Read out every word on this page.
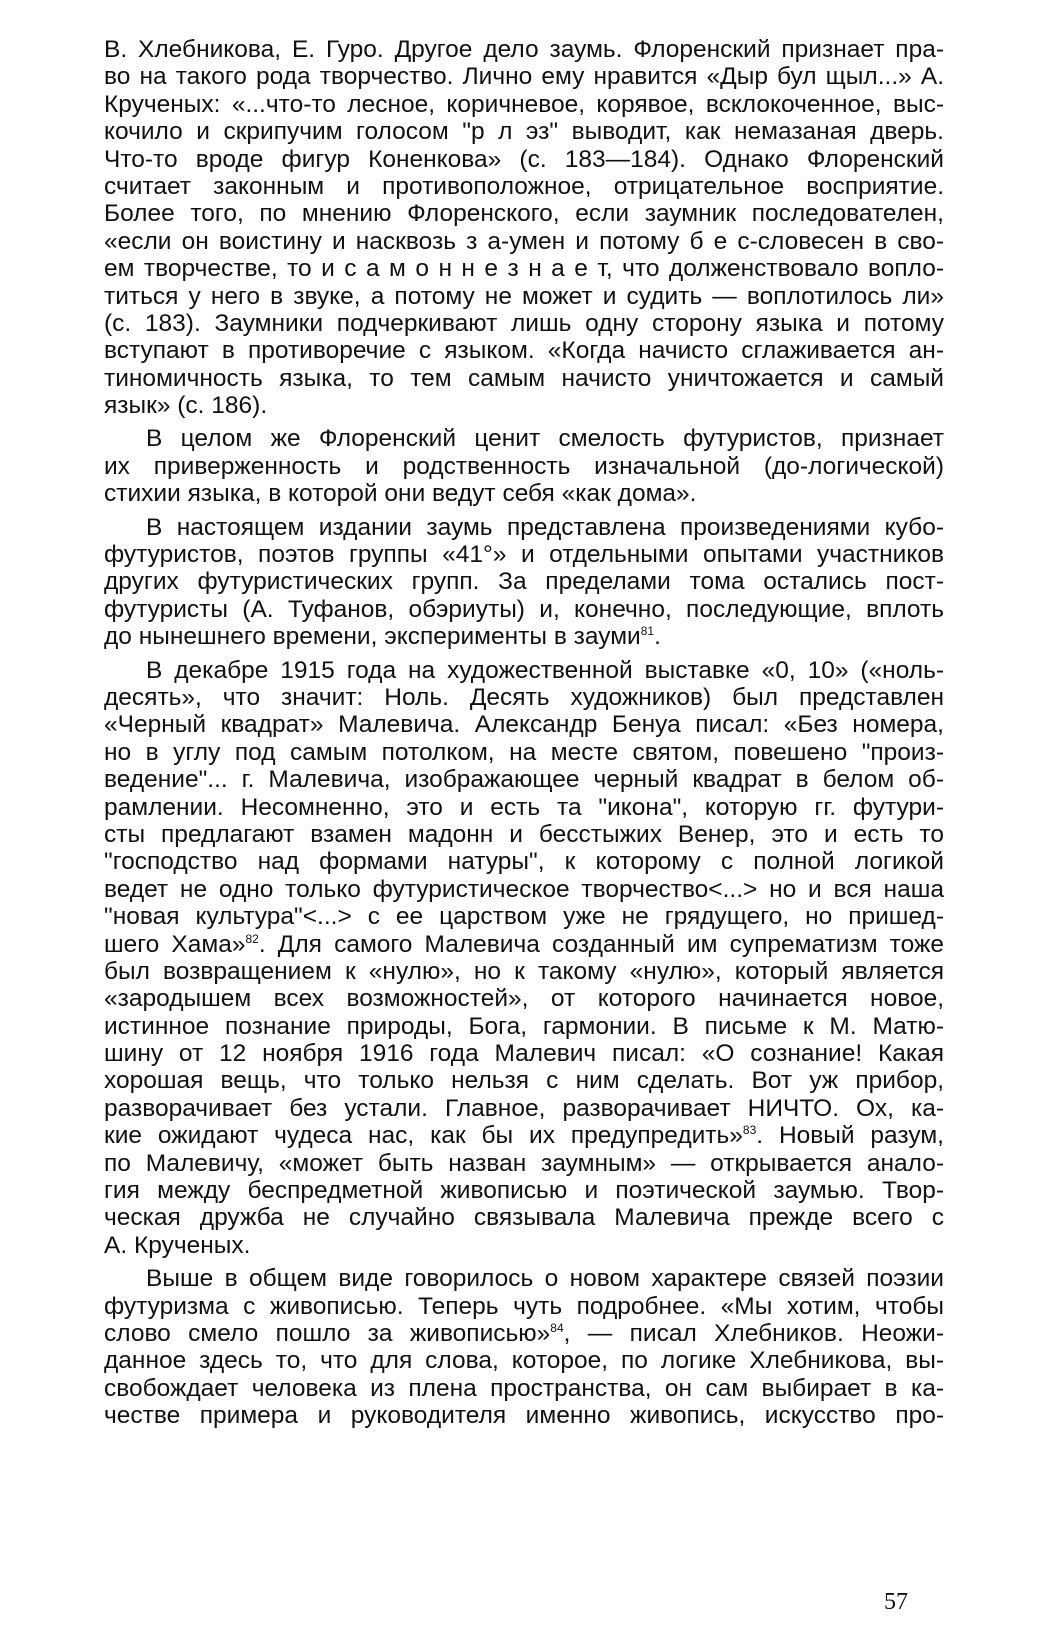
В. Хлебникова, Е. Гуро. Другое дело заумь. Флоренский признает пра-
во на такого рода творчество. Лично ему нравится «Дыр бул щыл...» А.
Крученых: «...что-то лесное, коричневое, корявое, всклокоченное, выс-
кочило и скрипучим голосом "р л эз" выводит, как немазаная дверь.
Что-то вроде фигур Коненкова» (с. 183—184). Однако Флоренский
считает законным и противоположное, отрицательное восприятие.
Более того, по мнению Флоренского, если заумник последователен,
«если он воистину и насквозь з а-умен и потому б е с-словесен в сво-
ем творчестве, то и с а м о н н е з н а е т, что долженствовало вопло-
титься у него в звуке, а потому не может и судить — воплотилось ли»
(с. 183). Заумники подчеркивают лишь одну сторону языка и потому
вступают в противоречие с языком. «Когда начисто сглаживается ан-
тиномичность языка, то тем самым начисто уничтожается и самый
язык» (с. 186).
В целом же Флоренский ценит смелость футуристов, признает
их приверженность и родственность изначальной (до-логической)
стихии языка, в которой они ведут себя «как дома».
В настоящем издании заумь представлена произведениями кубо-
футуристов, поэтов группы «41°» и отдельными опытами участников
других футуристических групп. За пределами тома остались пост-
футуристы (А. Туфанов, обэриуты) и, конечно, последующие, вплоть
до нынешнего времени, эксперименты в зауми$^{81}$.
В декабре 1915 года на художественной выставке «0, 10» («ноль-
десять», что значит: Ноль. Десять художников) был представлен
«Черный квадрат» Малевича. Александр Бенуа писал: «Без номера,
но в углу под самым потолком, на месте святом, повешено "произ-
ведение"... г. Малевича, изображающее черный квадрат в белом об-
рамлении. Несомненно, это и есть та "икона", которую гг. футури-
сты предлагают взамен мадонн и бесстыжих Венер, это и есть то
"господство над формами натуры", к которому с полной логикой
ведет не одно только футуристическое творчество<...> но и вся наша
"новая культура"<...> с ее царством уже не грядущего, но пришед-
шего Хама»$^{82}$. Для самого Малевича созданный им супрематизм тоже
был возвращением к «нулю», но к такому «нулю», который является
«зародышем всех возможностей», от которого начинается новое,
истинное познание природы, Бога, гармонии. В письме к М. Матю-
шину от 12 ноября 1916 года Малевич писал: «О сознание! Какая
хорошая вещь, что только нельзя с ним сделать. Вот уж прибор,
разворачивает без устали. Главное, разворачивает НИЧТО. Ох, ка-
кие ожидают чудеса нас, как бы их предупредить»$^{83}$. Новый разум,
по Малевичу, «может быть назван заумным» — открывается анало-
гия между беспредметной живописью и поэтической заумью. Твор-
ческая дружба не случайно связывала Малевича прежде всего с
А. Крученых.
Выше в общем виде говорилось о новом характере связей поэзии
футуризма с живописью. Теперь чуть подробнее. «Мы хотим, чтобы
слово смело пошло за живописью»$^{84}$, — писал Хлебников. Неожи-
данное здесь то, что для слова, которое, по логике Хлебникова, вы-
свобождает человека из плена пространства, он сам выбирает в ка-
честве примера и руководителя именно живопись, искусство про-
57
